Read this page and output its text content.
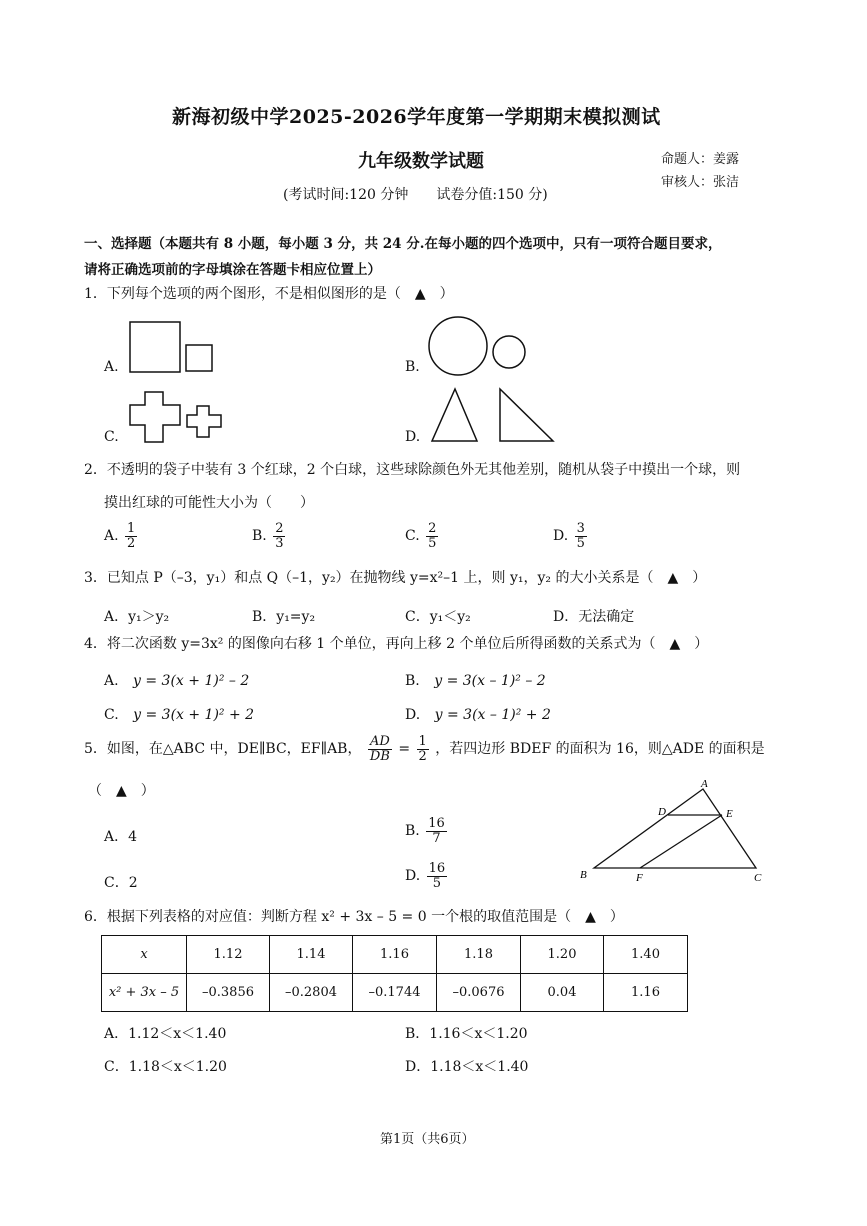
新海初级中学2025-2026学年度第一学期期末模拟测试
九年级数学试题	命题人：姜露
审核人：张洁
(考试时间:120 分钟　　试卷分值:150 分)
一、选择题（本题共有 8 小题，每小题 3 分，共 24 分.在每小题的四个选项中，只有一项符合题目要求，
请将正确选项前的字母填涂在答题卡相应位置上）
1．下列每个选项的两个图形，不是相似图形的是（　▲　）
A.	B.
C.	D.
2．不透明的袋子中装有 3 个红球，2 个白球，这些球除颜色外无其他差别，随机从袋子中摸出一个球，则
摸出红球的可能性大小为（　　）
A. $\frac{1}{2}$	B. $\frac{2}{3}$	C. $\frac{2}{5}$	D. $\frac{3}{5}$
3．已知点 P（–3，y₁）和点 Q（–1，y₂）在抛物线 y=x²–1 上，则 y₁，y₂ 的大小关系是（　▲　）
A．y₁＞y₂	B．y₁=y₂	C．y₁＜y₂	D．无法确定
4．将二次函数 y=3x² 的图像向右移 1 个单位，再向上移 2 个单位后所得函数的关系式为（　▲　）
A. y = 3(x + 1)² – 2	B. y = 3(x – 1)² – 2
C. y = 3(x + 1)² + 2	D. y = 3(x – 1)² + 2
5．如图，在△ABC 中，DE∥BC，EF∥AB， $\frac{AD}{DB} = \frac{1}{2}$ ，若四边形 BDEF 的面积为 16，则△ADE 的面积是
（　▲　）
A．4	B. $\frac{16}{7}$
C．2	D. $\frac{16}{5}$
A
D	E
B	F	C
6．根据下列表格的对应值：判断方程 x² + 3x – 5 = 0 一个根的取值范围是（　▲　）
x	1.12	1.14	1.16	1.18	1.20	1.40
x² + 3x – 5	–0.3856	–0.2804	–0.1744	–0.0676	0.04	1.16
A．1.12＜x＜1.40	B．1.16＜x＜1.20
C．1.18＜x＜1.20	D．1.18＜x＜1.40
第1页（共6页）
